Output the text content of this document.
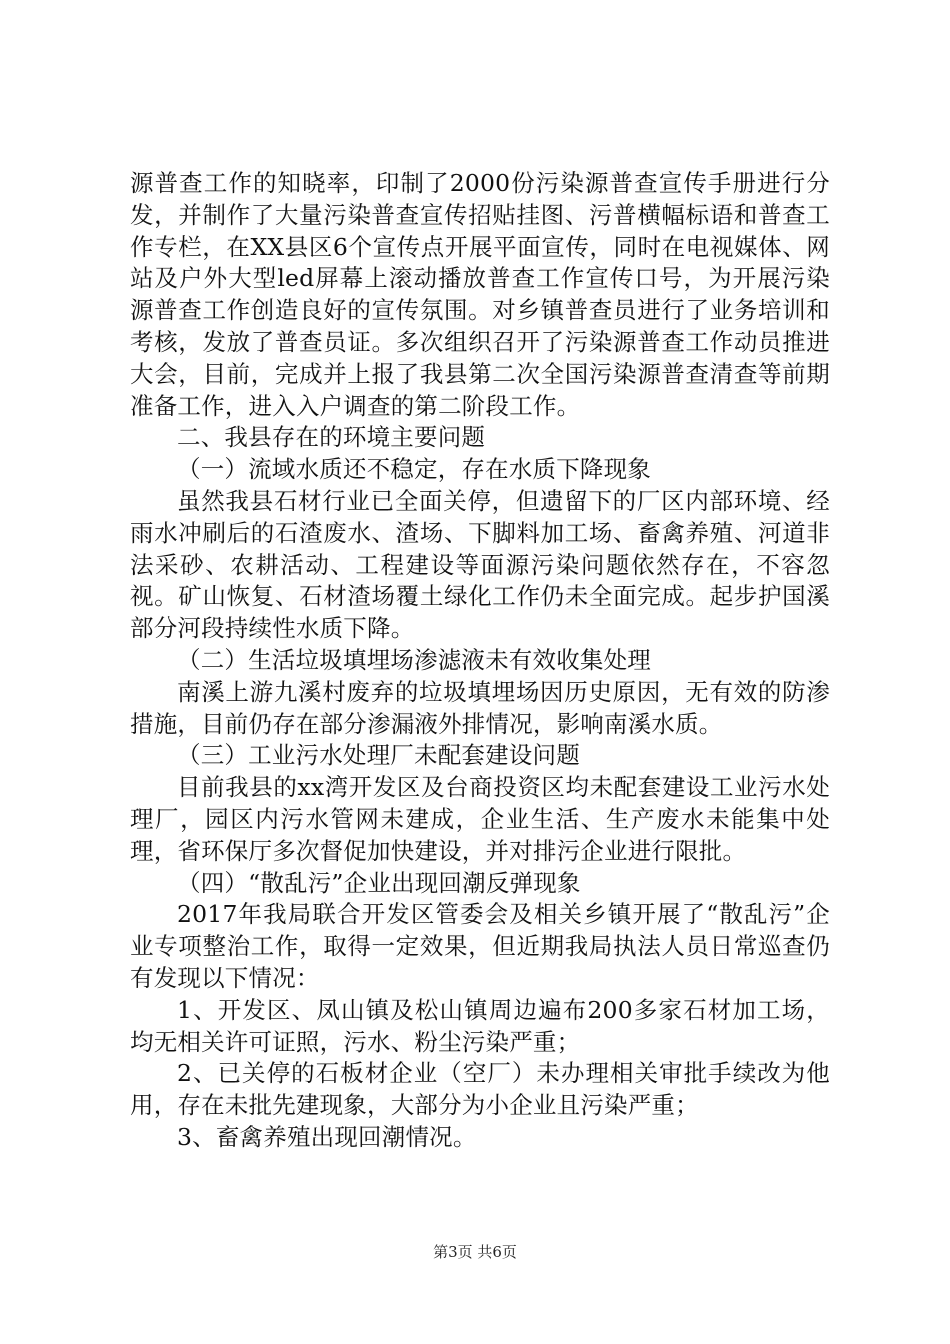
源普查工作的知晓率，印制了2000份污染源普查宣传手册进行分发，并制作了大量污染普查宣传招贴挂图、污普横幅标语和普查工作专栏，在XX县区6个宣传点开展平面宣传，同时在电视媒体、网站及户外大型led屏幕上滚动播放普查工作宣传口号，为开展污染源普查工作创造良好的宣传氛围。对乡镇普查员进行了业务培训和考核，发放了普查员证。多次组织召开了污染源普查工作动员推进大会，目前，完成并上报了我县第二次全国污染源普查清查等前期准备工作，进入入户调查的第二阶段工作。

二、我县存在的环境主要问题

（一）流域水质还不稳定，存在水质下降现象

虽然我县石材行业已全面关停，但遗留下的厂区内部环境、经雨水冲刷后的石渣废水、渣场、下脚料加工场、畜禽养殖、河道非法采砂、农耕活动、工程建设等面源污染问题依然存在，不容忽视。矿山恢复、石材渣场覆土绿化工作仍未全面完成。起步护国溪部分河段持续性水质下降。

（二）生活垃圾填埋场渗滤液未有效收集处理

南溪上游九溪村废弃的垃圾填埋场因历史原因，无有效的防渗措施，目前仍存在部分渗漏液外排情况，影响南溪水质。

（三）工业污水处理厂未配套建设问题

目前我县的xx湾开发区及台商投资区均未配套建设工业污水处理厂，园区内污水管网未建成，企业生活、生产废水未能集中处理，省环保厅多次督促加快建设，并对排污企业进行限批。

（四）“散乱污”企业出现回潮反弹现象

2017年我局联合开发区管委会及相关乡镇开展了“散乱污”企业专项整治工作，取得一定效果，但近期我局执法人员日常巡查仍有发现以下情况：

1、开发区、凤山镇及松山镇周边遍布200多家石材加工场，均无相关许可证照，污水、粉尘污染严重；

2、已关停的石板材企业（空厂）未办理相关审批手续改为他用，存在未批先建现象，大部分为小企业且污染严重；

3、畜禽养殖出现回潮情况。

第3页 共6页
